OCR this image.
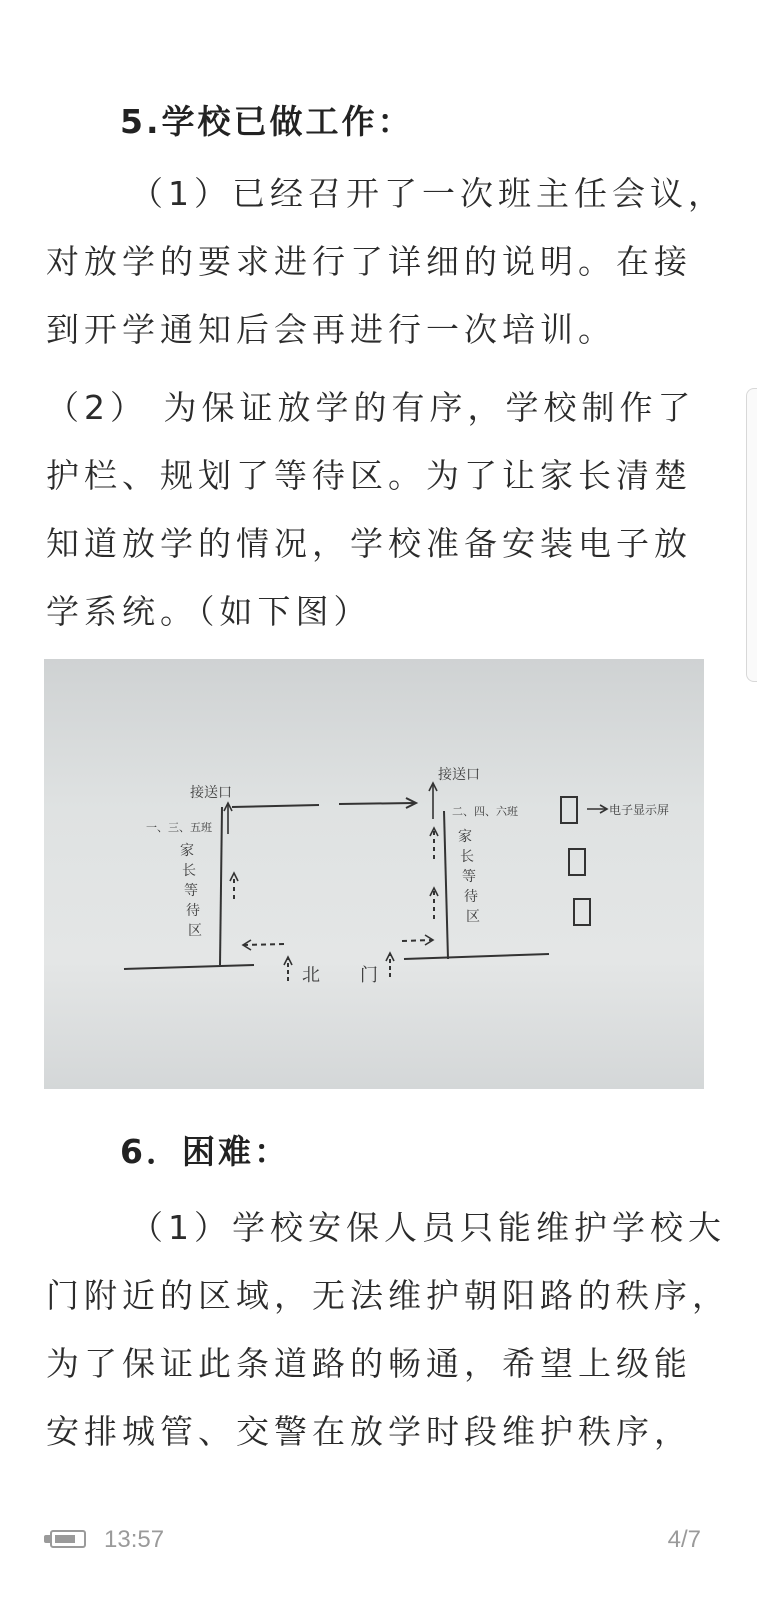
5.学校已做工作：
（1）已经召开了一次班主任会议，
对放学的要求进行了详细的说明。在接
到开学通知后会再进行一次培训。
（2） 为保证放学的有序，学校制作了
护栏、规划了等待区。为了让家长清楚
知道放学的情况，学校准备安装电子放
学系统。（如下图）
接送口
接送口
一、三、五班
二、四、六班
家
长
等
待
区
家
长
等
待
区
北 门
电子显示屏
6．困难：
（1）学校安保人员只能维护学校大
门附近的区域，无法维护朝阳路的秩序，
为了保证此条道路的畅通，希望上级能
安排城管、交警在放学时段维护秩序，
13:57	4/7
